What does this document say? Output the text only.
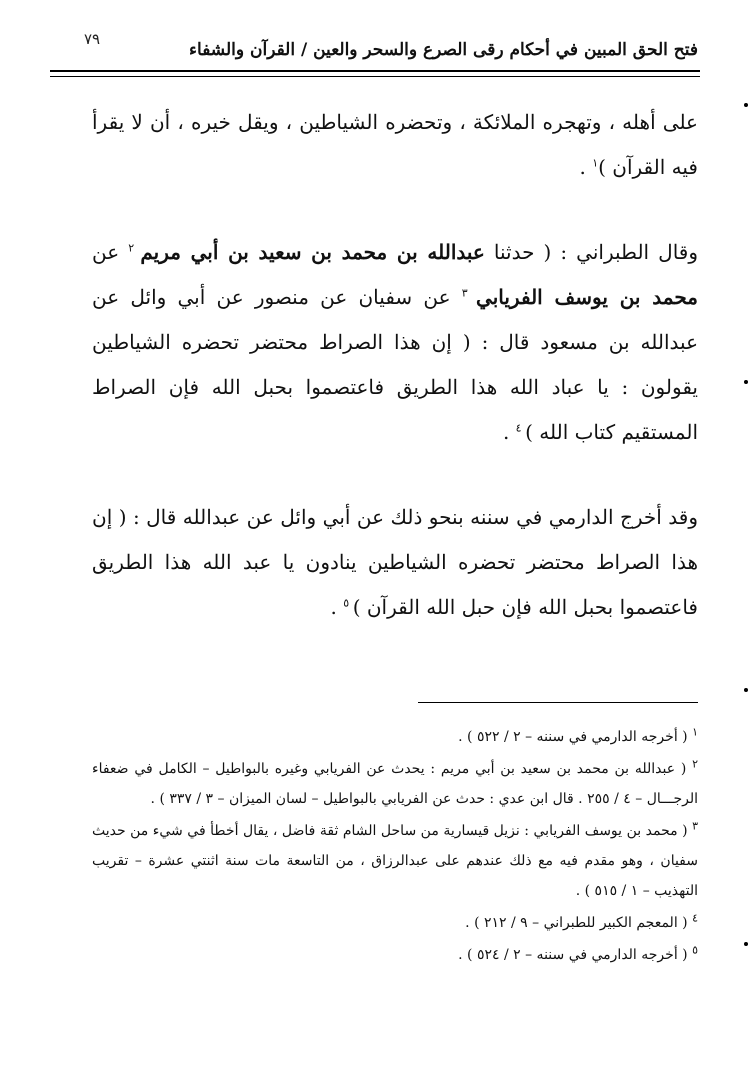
٧٩
فتح الحق المبين في أحكام رقى الصرع والسحر والعين / القرآن والشفاء

على أهله ، وتهجره الملائكة ، وتحضره الشياطين ، ويقل خيره ، أن لا يقرأ فيه القرآن )$^١$ .

وقال الطبراني : ( حدثنا عبدالله بن محمد بن سعيد بن أبي مريم $^٢$ عن محمد بن يوسف الفريابي $^٣$ عن سفيان عن منصور عن أبي وائل عن عبدالله بن مسعود قال : ( إن هذا الصراط محتضر تحضره الشياطين يقولون : يا عباد الله هذا الطريق فاعتصموا بحبل الله فإن الصراط المستقيم كتاب الله ) $^٤$ .

وقد أخرج الدارمي في سننه بنحو ذلك عن أبي وائل عن عبدالله قال : ( إن هذا الصراط محتضر تحضره الشياطين ينادون يا عبد الله هذا الطريق فاعتصموا بحبل الله فإن حبل الله القرآن ) $^٥$ .

$^١$ ( أخرجه الدارمي في سننه – ٢ / ٥٢٢ ) .

$^٢$ ( عبدالله بن محمد بن سعيد بن أبي مريم : يحدث عن الفريابي وغيره بالبواطيل – الكامل في ضعفاء الرجـــال – ٤ / ٢٥٥ . قال ابن عدي : حدث عن الفريابي بالبواطيل – لسان الميزان – ٣ / ٣٣٧ ) .

$^٣$ ( محمد بن يوسف الفريابي : نزيل قيسارية من ساحل الشام ثقة فاضل ، يقال أخطأ في شيء من حديث سفيان ، وهو مقدم فيه مع ذلك عندهم على عبدالرزاق ، من التاسعة مات سنة اثنتي عشرة – تقريب التهذيب – ١ / ٥١٥ ) .

$^٤$ ( المعجم الكبير للطبراني – ٩ / ٢١٢ ) .

$^٥$ ( أخرجه الدارمي في سننه – ٢ / ٥٢٤ ) .
